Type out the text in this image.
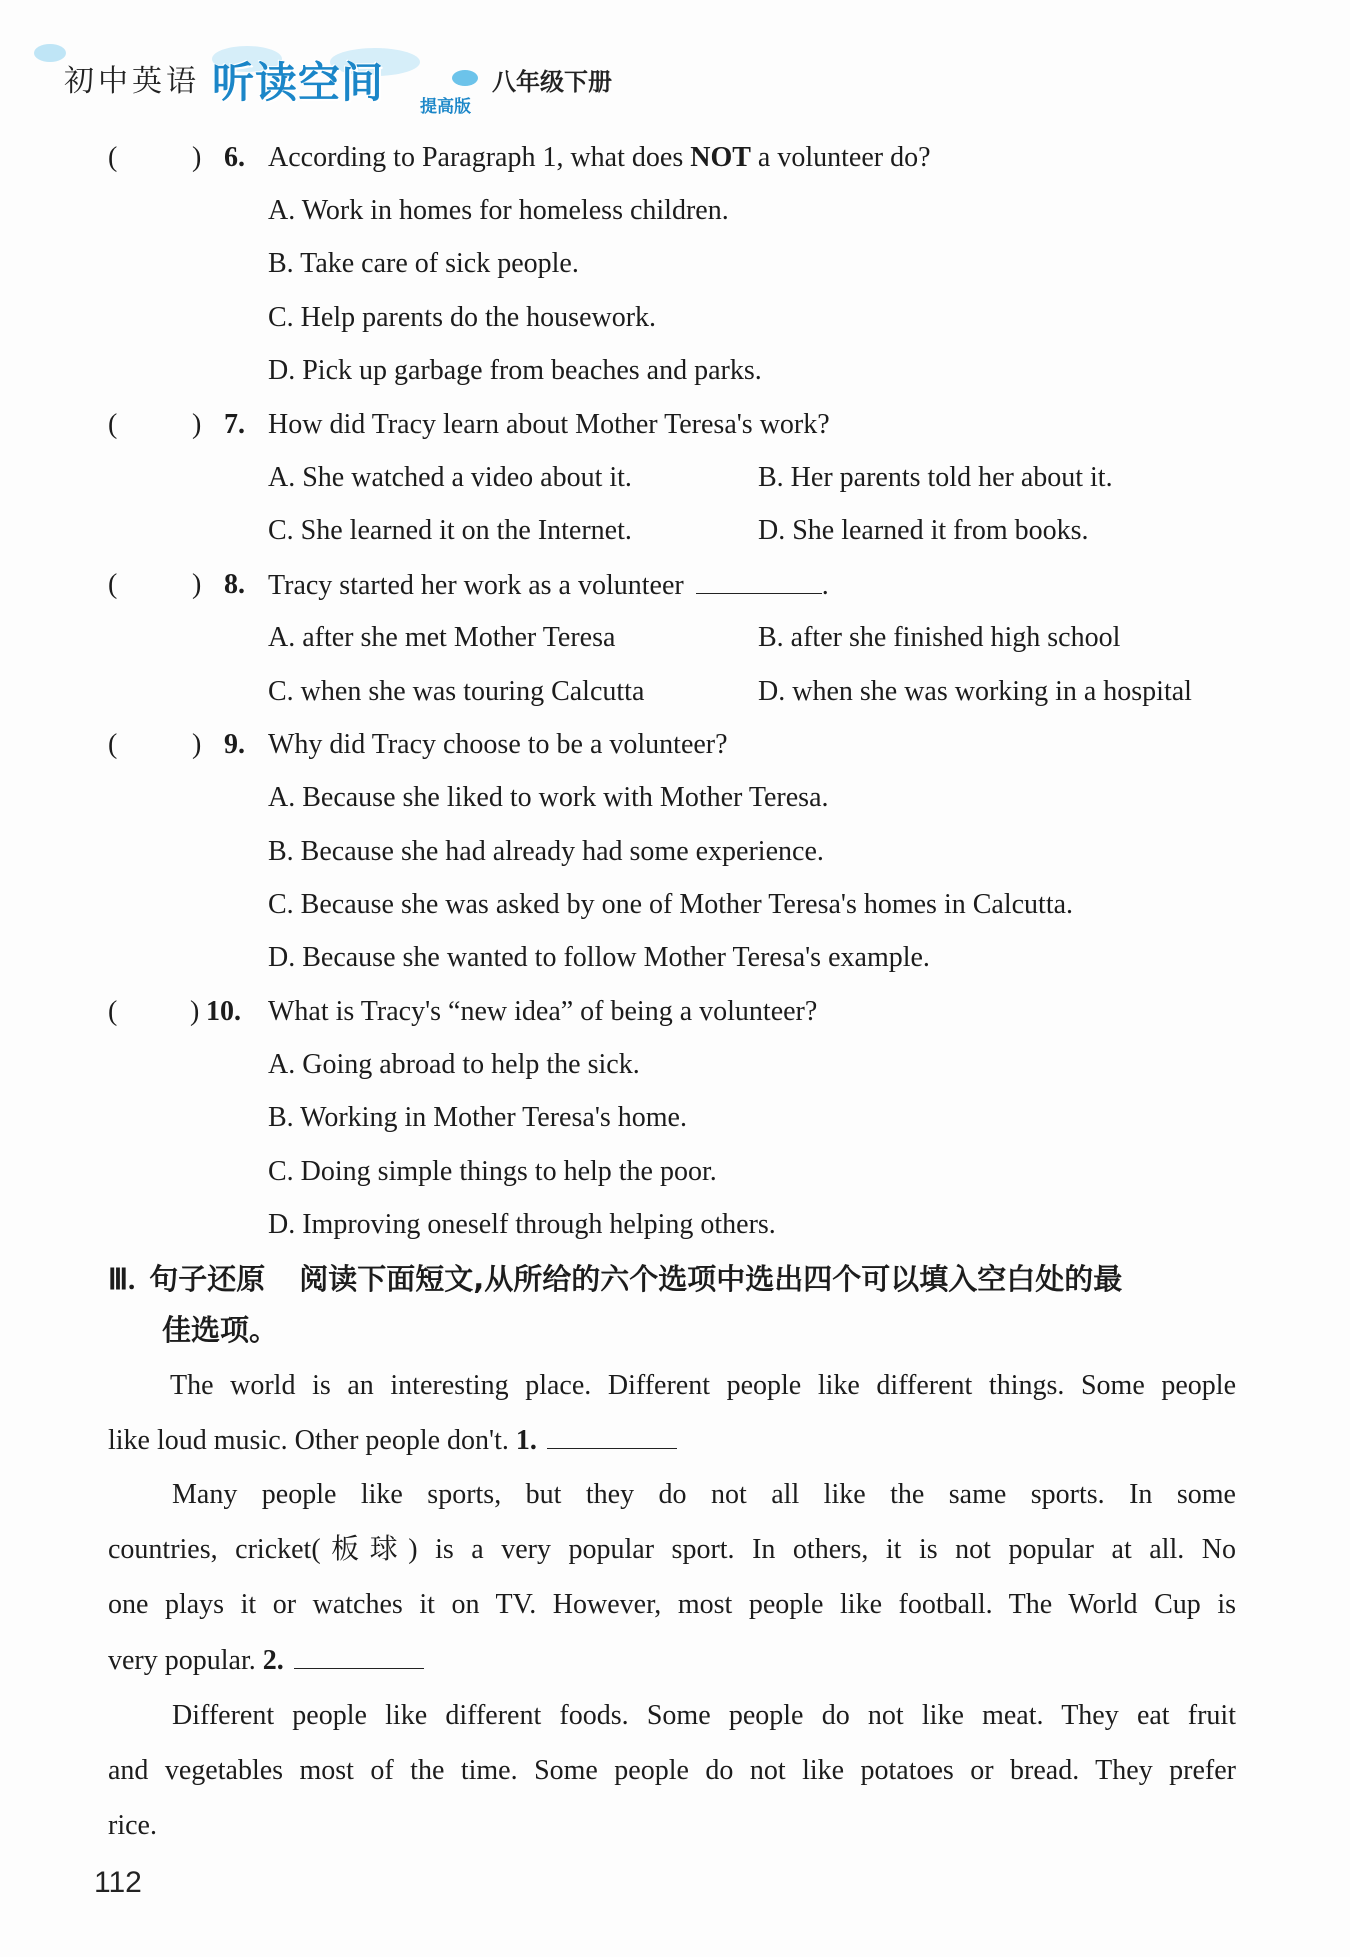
初中英语 听读空间 提高版
八年级下册
(	) 6. According to Paragraph 1, what does NOT a volunteer do?
A. Work in homes for homeless children.
B. Take care of sick people.
C. Help parents do the housework.
D. Pick up garbage from beaches and parks.
(	) 7. How did Tracy learn about Mother Teresa's work?
A. She watched a video about it.	B. Her parents told her about it.
C. She learned it on the Internet.	D. She learned it from books.
(	) 8. Tracy started her work as a volunteer	.
A. after she met Mother Teresa	B. after she finished high school
C. when she was touring Calcutta	D. when she was working in a hospital
(	) 9. Why did Tracy choose to be a volunteer?
A. Because she liked to work with Mother Teresa.
B. Because she had already had some experience.
C. Because she was asked by one of Mother Teresa's homes in Calcutta.
D. Because she wanted to follow Mother Teresa's example.
(	) 10. What is Tracy's “new idea” of being a volunteer?
A. Going abroad to help the sick.
B. Working in Mother Teresa's home.
C. Doing simple things to help the poor.
D. Improving oneself through helping others.
Ⅲ. 句子还原 阅读下面短文,从所给的六个选项中选出四个可以填入空白处的最
佳选项。
The world is an interesting place. Different people like different things. Some people
like loud music. Other people don't. 1.
Many people like sports, but they do not all like the same sports. In some
countries, cricket(板球) is a very popular sport. In others, it is not popular at all. No
one plays it or watches it on TV. However, most people like football. The World Cup is
very popular. 2.
Different people like different foods. Some people do not like meat. They eat fruit
and vegetables most of the time. Some people do not like potatoes or bread. They prefer
rice.
112
